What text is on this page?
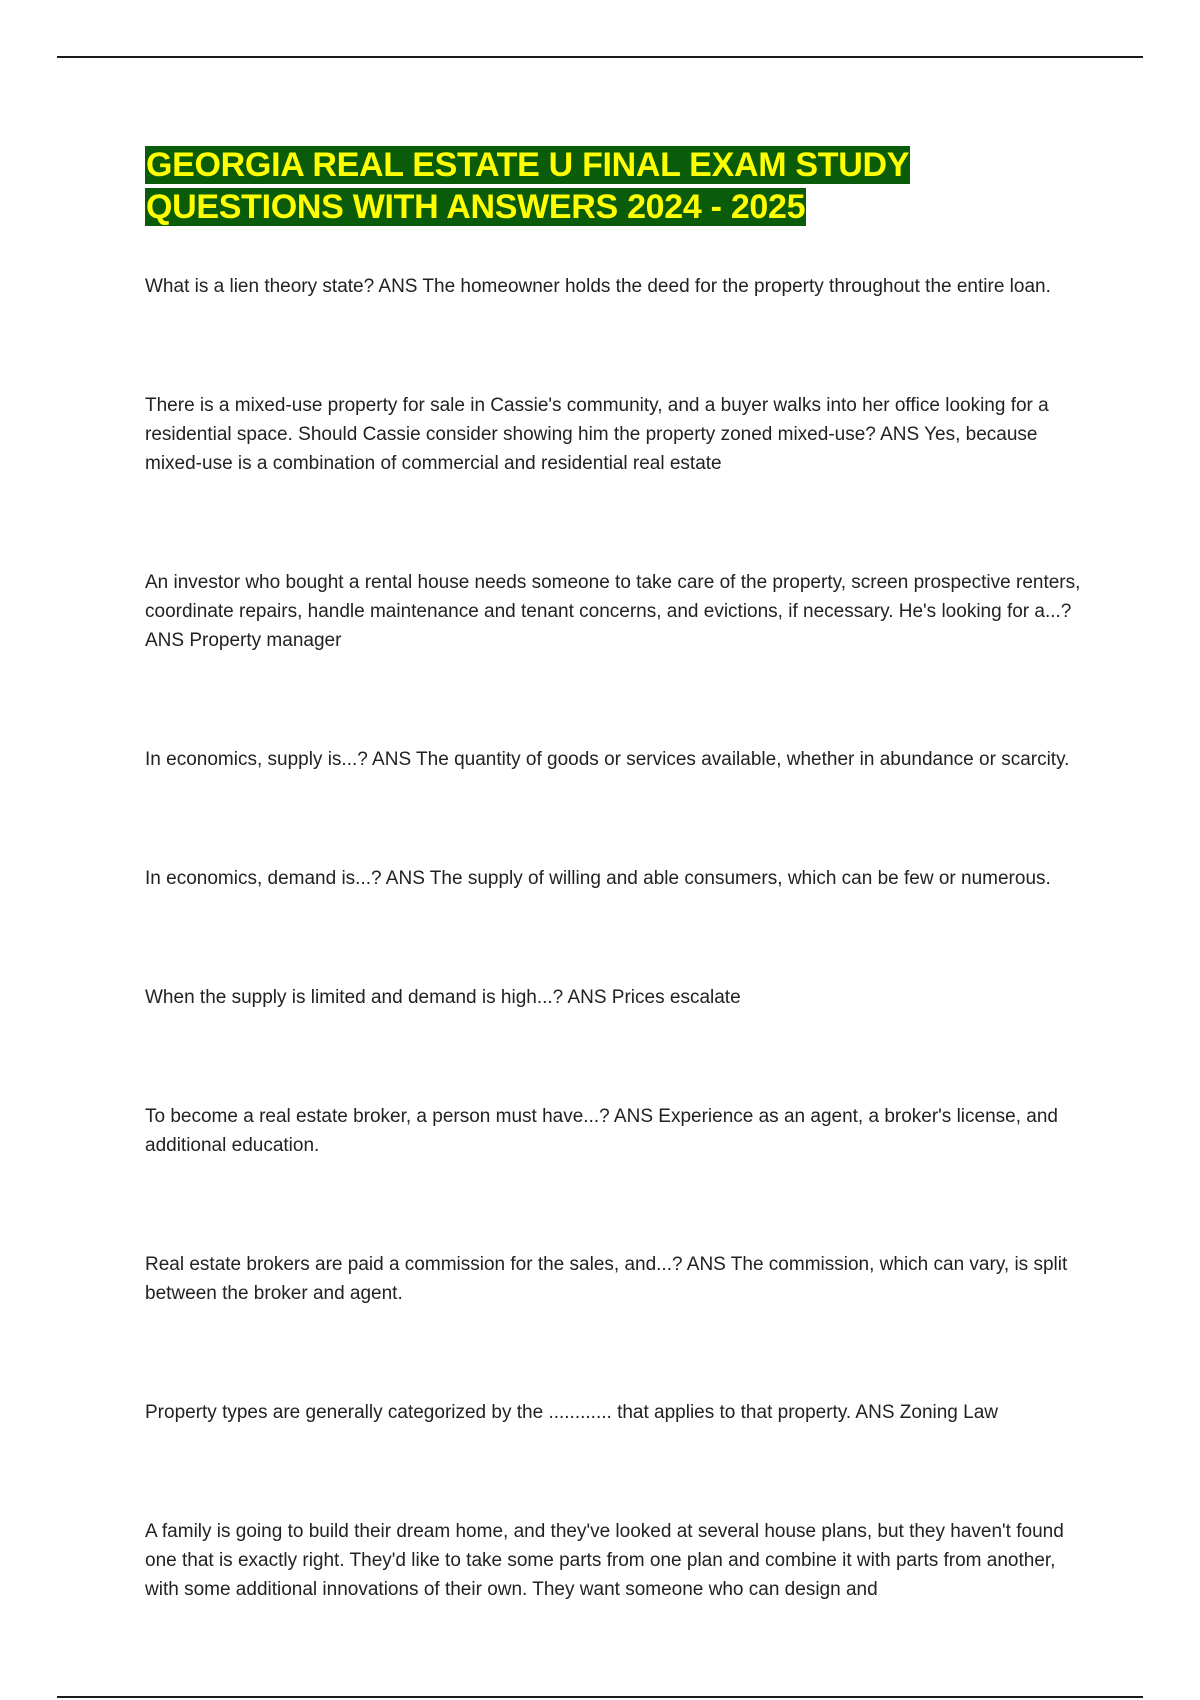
GEORGIA REAL ESTATE U FINAL EXAM STUDY
QUESTIONS WITH ANSWERS 2024 - 2025
What is a lien theory state? ANS The homeowner holds the deed for the property throughout the entire loan.
There is a mixed-use property for sale in Cassie's community, and a buyer walks into her office looking for a residential space. Should Cassie consider showing him the property zoned mixed-use? ANS Yes, because mixed-use is a combination of commercial and residential real estate
An investor who bought a rental house needs someone to take care of the property, screen prospective renters, coordinate repairs, handle maintenance and tenant concerns, and evictions, if necessary. He's looking for a...? ANS Property manager
In economics, supply is...? ANS The quantity of goods or services available, whether in abundance or scarcity.
In economics, demand is...? ANS The supply of willing and able consumers, which can be few or numerous.
When the supply is limited and demand is high...? ANS Prices escalate
To become a real estate broker, a person must have...? ANS Experience as an agent, a broker's license, and additional education.
Real estate brokers are paid a commission for the sales, and...? ANS The commission, which can vary, is split between the broker and agent.
Property types are generally categorized by the ............ that applies to that property. ANS Zoning Law
A family is going to build their dream home, and they've looked at several house plans, but they haven't found one that is exactly right. They'd like to take some parts from one plan and combine it with parts from another, with some additional innovations of their own. They want someone who can design and
